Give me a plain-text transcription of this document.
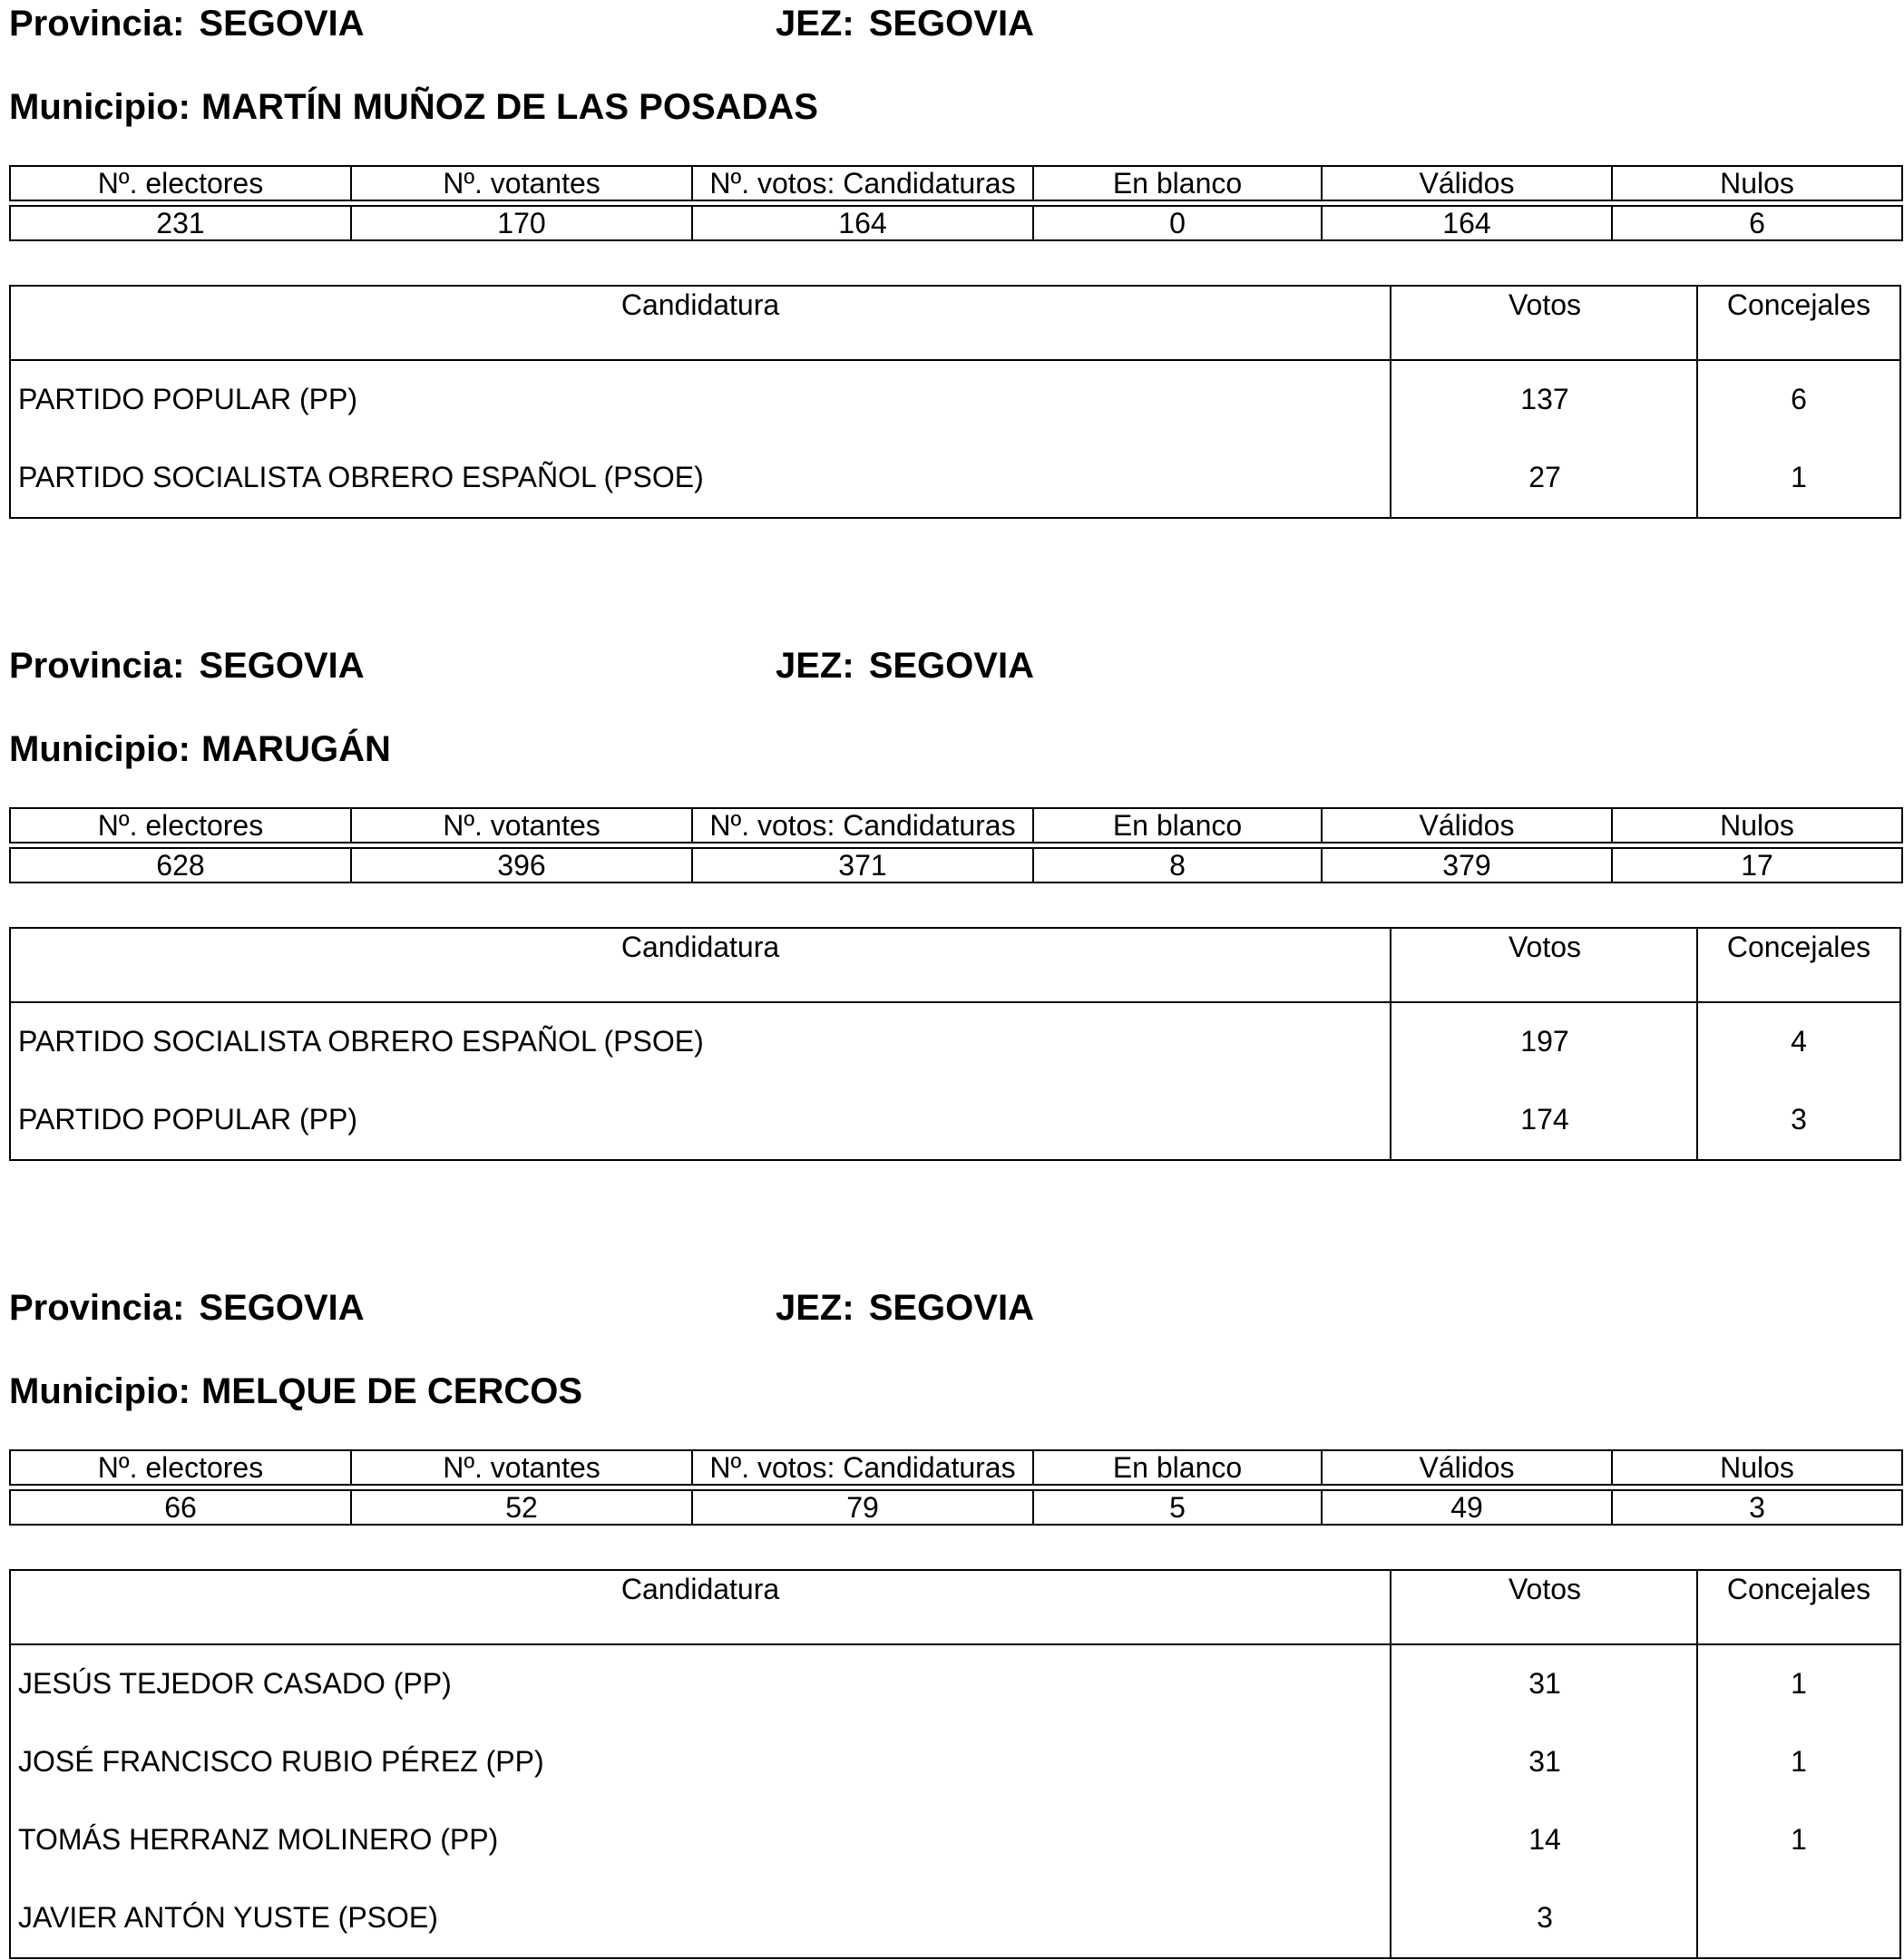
Provincia: SEGOVIA	JEZ: SEGOVIA
Municipio: MARTÍN MUÑOZ DE LAS POSADAS
Nº. electores	Nº. votantes	Nº. votos: Candidaturas	En blanco	Válidos	Nulos
231	170	164	0	164	6
Candidatura	Votos	Concejales
PARTIDO POPULAR (PP)	137	6
PARTIDO SOCIALISTA OBRERO ESPAÑOL (PSOE)	27	1
Provincia: SEGOVIA	JEZ: SEGOVIA
Municipio: MARUGÁN
Nº. electores	Nº. votantes	Nº. votos: Candidaturas	En blanco	Válidos	Nulos
628	396	371	8	379	17
Candidatura	Votos	Concejales
PARTIDO SOCIALISTA OBRERO ESPAÑOL (PSOE)	197	4
PARTIDO POPULAR (PP)	174	3
Provincia: SEGOVIA	JEZ: SEGOVIA
Municipio: MELQUE DE CERCOS
Nº. electores	Nº. votantes	Nº. votos: Candidaturas	En blanco	Válidos	Nulos
66	52	79	5	49	3
Candidatura	Votos	Concejales
JESÚS TEJEDOR CASADO (PP)	31	1
JOSÉ FRANCISCO RUBIO PÉREZ (PP)	31	1
TOMÁS HERRANZ MOLINERO (PP)	14	1
JAVIER ANTÓN YUSTE (PSOE)	3
